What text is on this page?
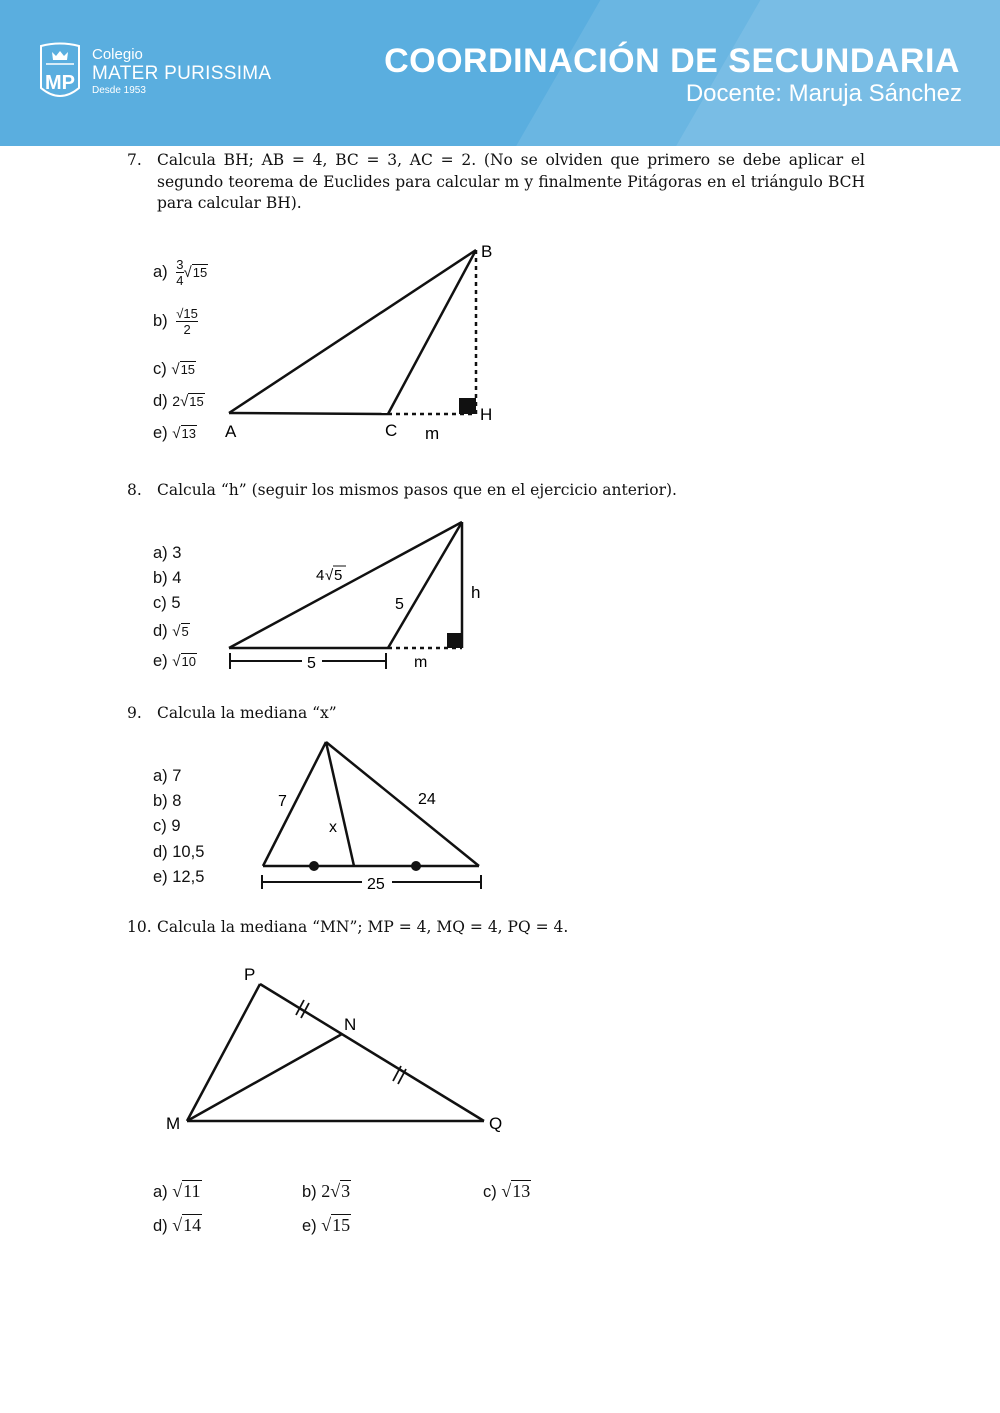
MP
Colegio
MATER PURISSIMA
Desde 1953
COORDINACIÓN DE SECUNDARIA
Docente: Maruja Sánchez
7. Calcula BH; AB = 4, BC = 3, AC = 2. (No se olviden que primero se debe aplicar el segundo teorema de Euclides para calcular m y finalmente Pitágoras en el triángulo BCH para calcular BH).
$a) \frac{3}{4} √15$
$b) \frac{√15}{2}$
c) √15
d) 2√15
e) √13
B
A	C
H
m
8. Calcula “h” (seguir los mismos pasos que en el ejercicio anterior).
a) 3
b) 4
c) 5
d) √5
e) √10	5
4 √ 5
5
h
m
9. Calcula la mediana “x”
a) 7
b) 8
c) 9
d) 10,5
e) 12,5	25
7	24
x
10. Calcula la mediana “MN”; MP = 4, MQ = 4, PQ = 4.
P
N
M	Q
a) √11	b) 2√3	c) √13
d) √14	e) √15
